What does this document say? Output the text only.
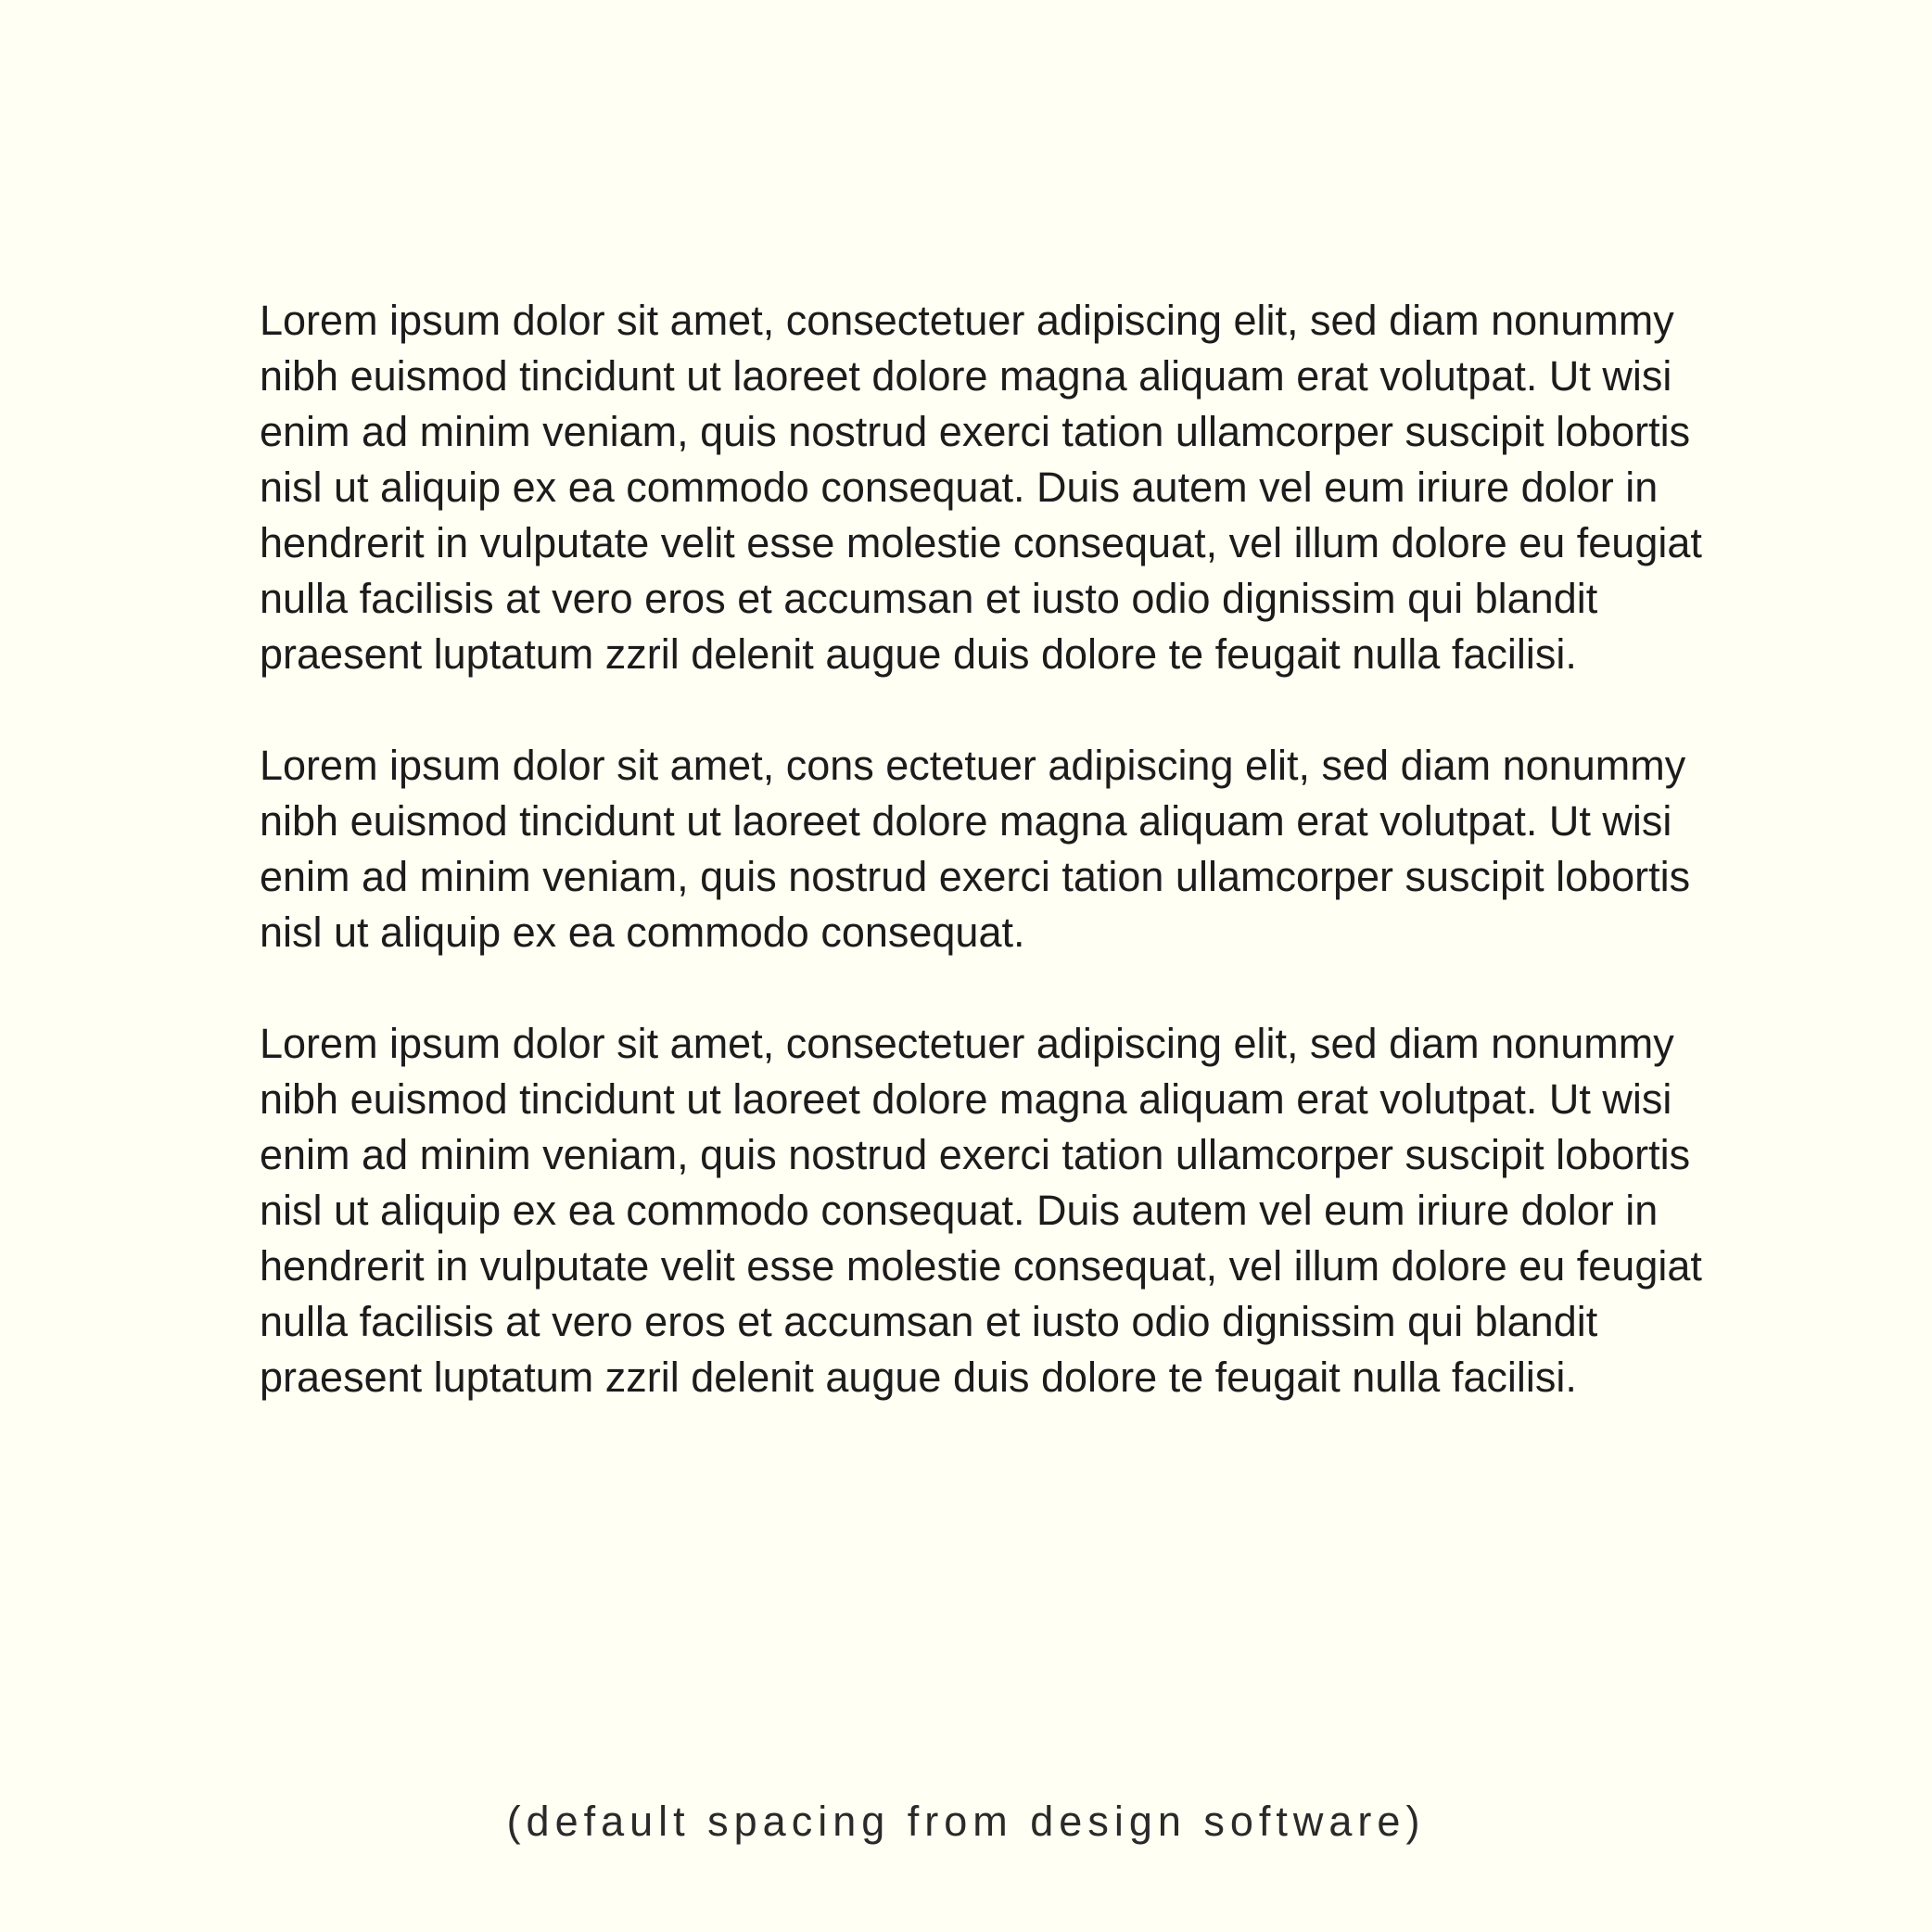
Lorem ipsum dolor sit amet, consectetuer adipiscing elit, sed diam nonummy
nibh euismod tincidunt ut laoreet dolore magna aliquam erat volutpat. Ut wisi
enim ad minim veniam, quis nostrud exerci tation ullamcorper suscipit lobortis
nisl ut aliquip ex ea commodo consequat. Duis autem vel eum iriure dolor in
hendrerit in vulputate velit esse molestie consequat, vel illum dolore eu feugiat
nulla facilisis at vero eros et accumsan et iusto odio dignissim qui blandit
praesent luptatum zzril delenit augue duis dolore te feugait nulla facilisi.

Lorem ipsum dolor sit amet, cons ectetuer adipiscing elit, sed diam nonummy
nibh euismod tincidunt ut laoreet dolore magna aliquam erat volutpat. Ut wisi
enim ad minim veniam, quis nostrud exerci tation ullamcorper suscipit lobortis
nisl ut aliquip ex ea commodo consequat.

Lorem ipsum dolor sit amet, consectetuer adipiscing elit, sed diam nonummy
nibh euismod tincidunt ut laoreet dolore magna aliquam erat volutpat. Ut wisi
enim ad minim veniam, quis nostrud exerci tation ullamcorper suscipit lobortis
nisl ut aliquip ex ea commodo consequat. Duis autem vel eum iriure dolor in
hendrerit in vulputate velit esse molestie consequat, vel illum dolore eu feugiat
nulla facilisis at vero eros et accumsan et iusto odio dignissim qui blandit
praesent luptatum zzril delenit augue duis dolore te feugait nulla facilisi.

(default spacing from design software)
